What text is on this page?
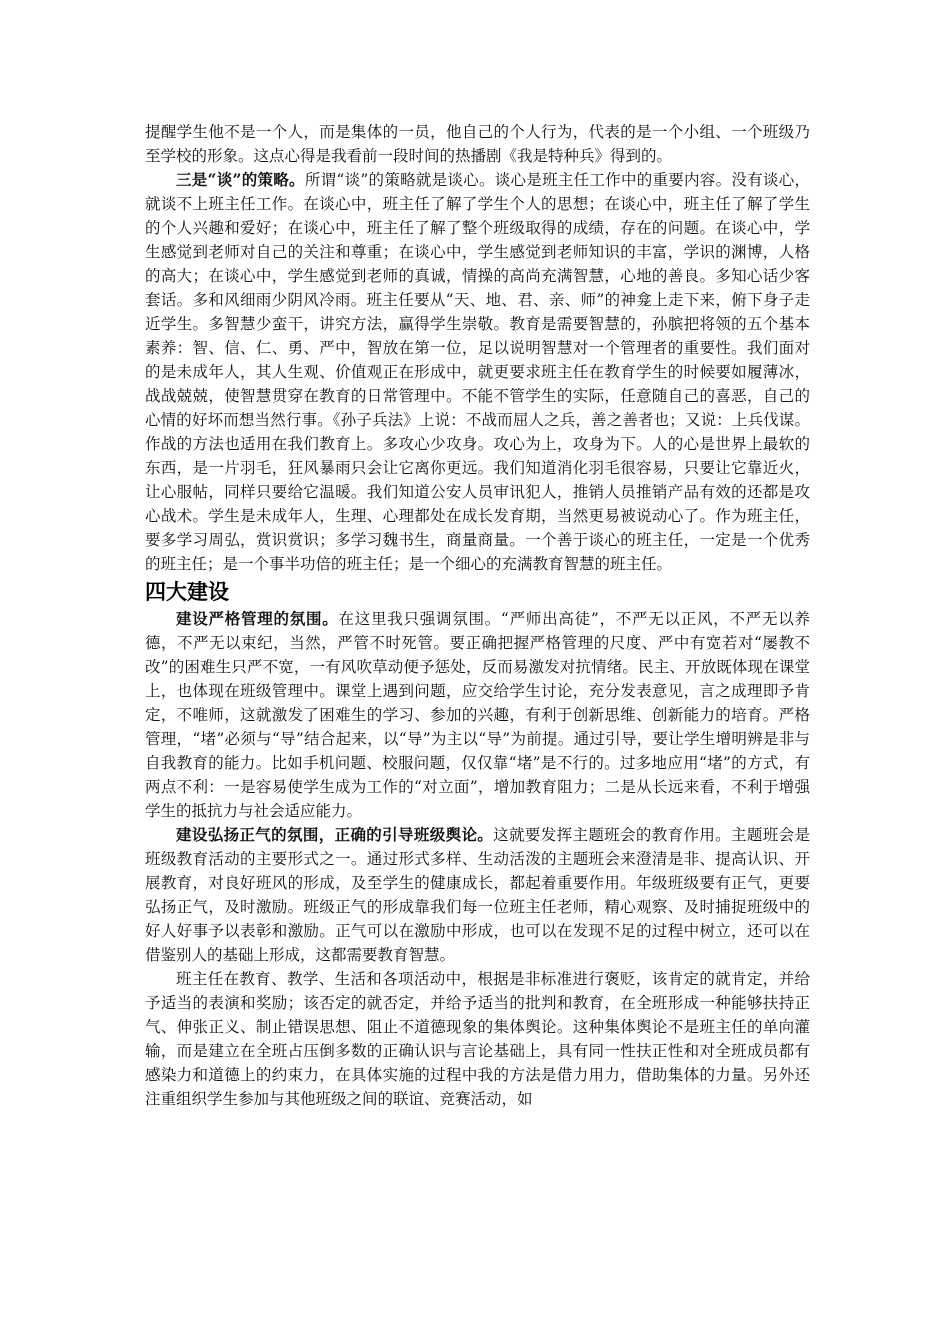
提醒学生他不是一个人，而是集体的一员，他自己的个人行为，代表的是一个小组、一个班级乃至学校的形象。这点心得是我看前一段时间的热播剧《我是特种兵》得到的。

三是“谈”的策略。所谓“谈”的策略就是谈心。谈心是班主任工作中的重要内容。没有谈心，就谈不上班主任工作。在谈心中，班主任了解了学生个人的思想；在谈心中，班主任了解了学生的个人兴趣和爱好；在谈心中，班主任了解了整个班级取得的成绩，存在的问题。在谈心中，学生感觉到老师对自己的关注和尊重；在谈心中，学生感觉到老师知识的丰富，学识的渊博，人格的高大；在谈心中，学生感觉到老师的真诚，情操的高尚充满智慧，心地的善良。多知心话少客套话。多和风细雨少阴风冷雨。班主任要从“天、地、君、亲、师”的神龛上走下来，俯下身子走近学生。多智慧少蛮干，讲究方法，赢得学生崇敬。教育是需要智慧的，孙膑把将领的五个基本素养：智、信、仁、勇、严中，智放在第一位，足以说明智慧对一个管理者的重要性。我们面对的是未成年人，其人生观、价值观正在形成中，就更要求班主任在教育学生的时候要如履薄冰，战战兢兢，使智慧贯穿在教育的日常管理中。不能不管学生的实际，任意随自己的喜恶，自己的心情的好坏而想当然行事。《孙子兵法》上说：不战而屈人之兵，善之善者也；又说：上兵伐谋。作战的方法也适用在我们教育上。多攻心少攻身。攻心为上，攻身为下。人的心是世界上最软的东西，是一片羽毛，狂风暴雨只会让它离你更远。我们知道消化羽毛很容易，只要让它靠近火，让心服帖，同样只要给它温暖。我们知道公安人员审讯犯人，推销人员推销产品有效的还都是攻心战术。学生是未成年人，生理、心理都处在成长发育期，当然更易被说动心了。作为班主任，要多学习周弘，赏识赏识；多学习魏书生，商量商量。一个善于谈心的班主任，一定是一个优秀的班主任；是一个事半功倍的班主任；是一个细心的充满教育智慧的班主任。

四大建设

建设严格管理的氛围。在这里我只强调氛围。“严师出高徒”，不严无以正风，不严无以养德，不严无以束纪，当然，严管不时死管。要正确把握严格管理的尺度、严中有宽若对“屡教不改”的困难生只严不宽，一有风吹草动便予惩处，反而易激发对抗情绪。民主、开放既体现在课堂上，也体现在班级管理中。课堂上遇到问题，应交给学生讨论，充分发表意见，言之成理即予肯定，不唯师，这就激发了困难生的学习、参加的兴趣，有利于创新思维、创新能力的培育。严格管理，“堵”必须与“导”结合起来，以“导”为主以“导”为前提。通过引导，要让学生增明辨是非与自我教育的能力。比如手机问题、校服问题，仅仅靠“堵”是不行的。过多地应用“堵”的方式，有两点不利：一是容易使学生成为工作的“对立面”，增加教育阻力；二是从长远来看，不利于增强学生的抵抗力与社会适应能力。

建设弘扬正气的氛围，正确的引导班级舆论。这就要发挥主题班会的教育作用。主题班会是班级教育活动的主要形式之一。通过形式多样、生动活泼的主题班会来澄清是非、提高认识、开展教育，对良好班风的形成，及至学生的健康成长，都起着重要作用。年级班级要有正气，更要弘扬正气，及时激励。班级正气的形成靠我们每一位班主任老师，精心观察、及时捕捉班级中的好人好事予以表彰和激励。正气可以在激励中形成，也可以在发现不足的过程中树立，还可以在借鉴别人的基础上形成，这都需要教育智慧。

班主任在教育、教学、生活和各项活动中，根据是非标准进行褒贬，该肯定的就肯定，并给予适当的表演和奖励；该否定的就否定，并给予适当的批判和教育，在全班形成一种能够扶持正气、伸张正义、制止错误思想、阻止不道德现象的集体舆论。这种集体舆论不是班主任的单向灌输，而是建立在全班占压倒多数的正确认识与言论基础上，具有同一性扶正性和对全班成员都有感染力和道德上的约束力，在具体实施的过程中我的方法是借力用力，借助集体的力量。另外还注重组织学生参加与其他班级之间的联谊、竞赛活动，如
